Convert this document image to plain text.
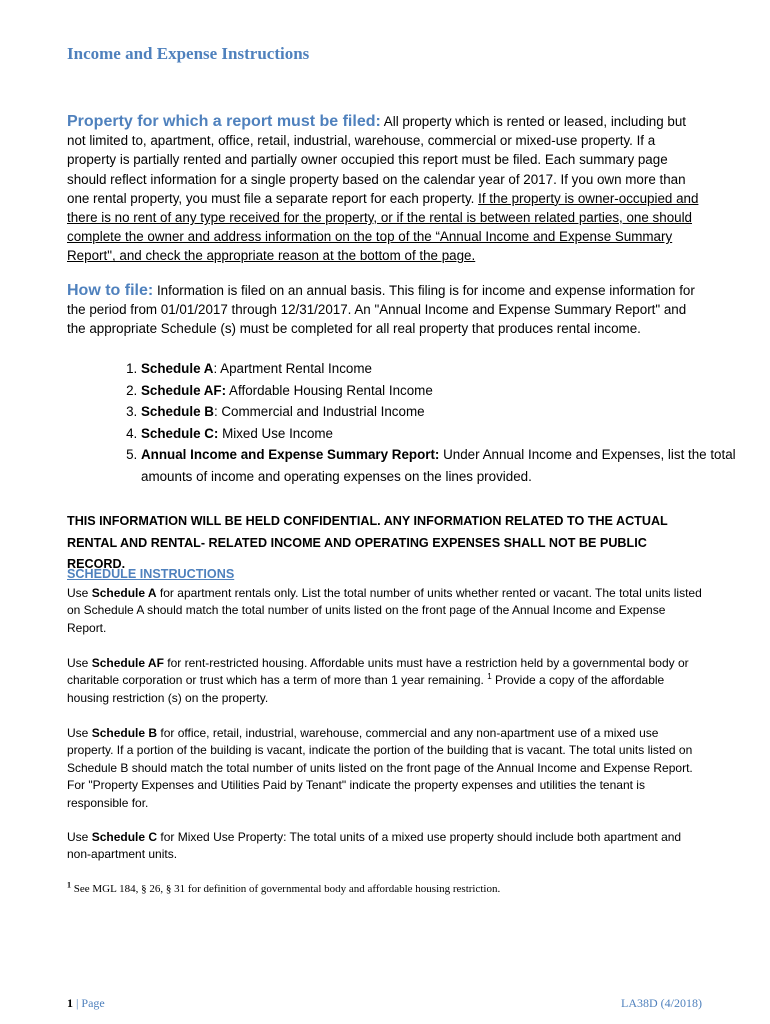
Income and Expense Instructions

Property for which a report must be filed: All property which is rented or leased, including but not limited to, apartment, office, retail, industrial, warehouse, commercial or mixed-use property. If a property is partially rented and partially owner occupied this report must be filed. Each summary page should reflect information for a single property based on the calendar year of 2017. If you own more than one rental property, you must file a separate report for each property. If the property is owner-occupied and there is no rent of any type received for the property, or if the rental is between related parties, one should complete the owner and address information on the top of the “Annual Income and Expense Summary Report", and check the appropriate reason at the bottom of the page.

How to file: Information is filed on an annual basis. This filing is for income and expense information for the period from 01/01/2017 through 12/31/2017. An "Annual Income and Expense Summary Report" and the appropriate Schedule (s) must be completed for all real property that produces rental income.

1. Schedule A: Apartment Rental Income
2. Schedule AF: Affordable Housing Rental Income
3. Schedule B: Commercial and Industrial Income
4. Schedule C: Mixed Use Income
5. Annual Income and Expense Summary Report: Under Annual Income and Expenses, list the total amounts of income and operating expenses on the lines provided.

THIS INFORMATION WILL BE HELD CONFIDENTIAL. ANY INFORMATION RELATED TO THE ACTUAL RENTAL AND RENTAL- RELATED INCOME AND OPERATING EXPENSES SHALL NOT BE PUBLIC RECORD.

SCHEDULE INSTRUCTIONS

Use Schedule A for apartment rentals only. List the total number of units whether rented or vacant. The total units listed on Schedule A should match the total number of units listed on the front page of the Annual Income and Expense Report.

Use Schedule AF for rent-restricted housing. Affordable units must have a restriction held by a governmental body or charitable corporation or trust which has a term of more than 1 year remaining. $^1$ Provide a copy of the affordable housing restriction (s) on the property.

Use Schedule B for office, retail, industrial, warehouse, commercial and any non-apartment use of a mixed use property. If a portion of the building is vacant, indicate the portion of the building that is vacant. The total units listed on Schedule B should match the total number of units listed on the front page of the Annual Income and Expense Report. For "Property Expenses and Utilities Paid by Tenant" indicate the property expenses and utilities the tenant is responsible for.

Use Schedule C for Mixed Use Property: The total units of a mixed use property should include both apartment and non-apartment units.

$^1$ See MGL 184, § 26, § 31 for definition of governmental body and affordable housing restriction.

1 | Page	LA38D (4/2018)
